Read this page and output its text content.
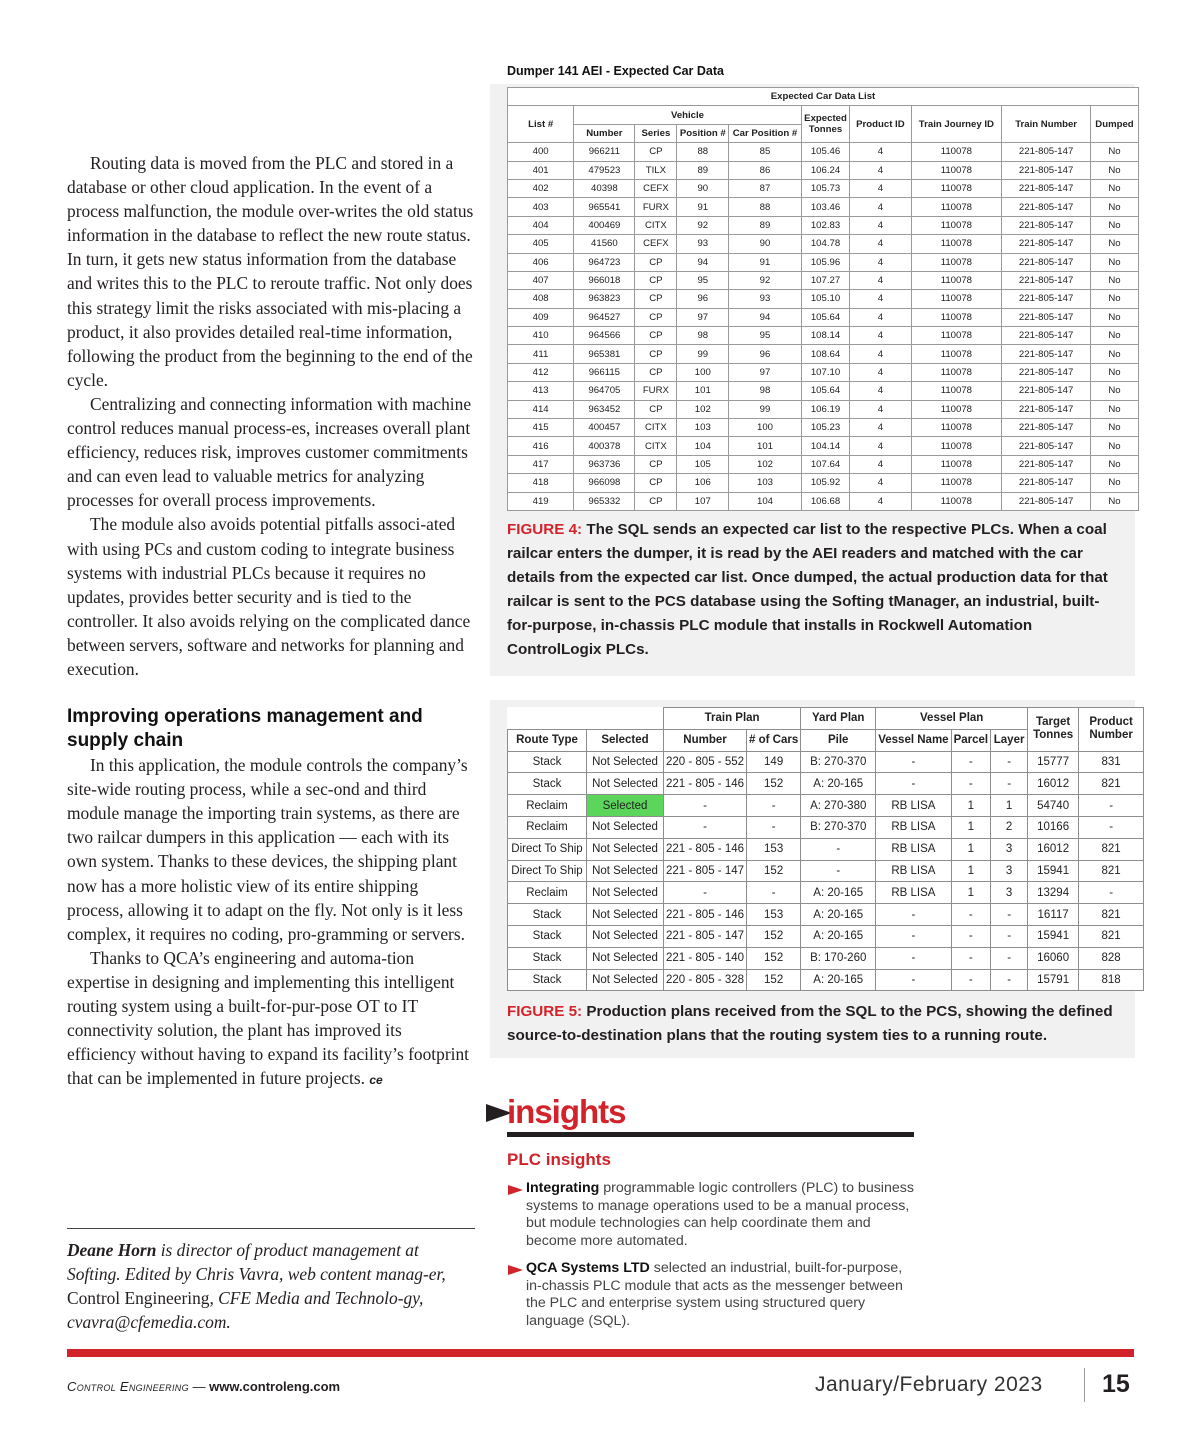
Routing data is moved from the PLC and stored in a database or other cloud application. In the event of a process malfunction, the module over-writes the old status information in the database to reflect the new route status. In turn, it gets new status information from the database and writes this to the PLC to reroute traffic. Not only does this strategy limit the risks associated with mis-placing a product, it also provides detailed real-time information, following the product from the beginning to the end of the cycle.

Centralizing and connecting information with machine control reduces manual process-es, increases overall plant efficiency, reduces risk, improves customer commitments and can even lead to valuable metrics for analyzing processes for overall process improvements.

The module also avoids potential pitfalls associ-ated with using PCs and custom coding to integrate business systems with industrial PLCs because it requires no updates, provides better security and is tied to the controller. It also avoids relying on the complicated dance between servers, software and networks for planning and execution.

Improving operations management and supply chain

In this application, the module controls the company’s site-wide routing process, while a sec-ond and third module manage the importing train systems, as there are two railcar dumpers in this application — each with its own system. Thanks to these devices, the shipping plant now has a more holistic view of its entire shipping process, allowing it to adapt on the fly. Not only is it less complex, it requires no coding, pro-gramming or servers.

Thanks to QCA’s engineering and automa-tion expertise in designing and implementing this intelligent routing system using a built-for-pur-pose OT to IT connectivity solution, the plant has improved its efficiency without having to expand its facility’s footprint that can be implemented in future projects. ce

Deane Horn is director of product management at Softing. Edited by Chris Vavra, web content manag-er, Control Engineering, CFE Media and Technolo-gy, cvavra@cfemedia.com.
Dumper 141 AEI - Expected Car Data
Expected Car Data List									
List #	Vehicle				Expected Tonnes	Product ID	Train Journey ID	Train Number	Dumped
	Number	Series	Position #	Car Position #					
400	966211	CP	88	85	105.46	4	110078	221-805-147	No
401	479523	TILX	89	86	106.24	4	110078	221-805-147	No
402	40398	CEFX	90	87	105.73	4	110078	221-805-147	No
403	965541	FURX	91	88	103.46	4	110078	221-805-147	No
404	400469	CITX	92	89	102.83	4	110078	221-805-147	No
405	41560	CEFX	93	90	104.78	4	110078	221-805-147	No
406	964723	CP	94	91	105.96	4	110078	221-805-147	No
407	966018	CP	95	92	107.27	4	110078	221-805-147	No
408	963823	CP	96	93	105.10	4	110078	221-805-147	No
409	964527	CP	97	94	105.64	4	110078	221-805-147	No
410	964566	CP	98	95	108.14	4	110078	221-805-147	No
411	965381	CP	99	96	108.64	4	110078	221-805-147	No
412	966115	CP	100	97	107.10	4	110078	221-805-147	No
413	964705	FURX	101	98	105.64	4	110078	221-805-147	No
414	963452	CP	102	99	106.19	4	110078	221-805-147	No
415	400457	CITX	103	100	105.23	4	110078	221-805-147	No
416	400378	CITX	104	101	104.14	4	110078	221-805-147	No
417	963736	CP	105	102	107.64	4	110078	221-805-147	No
418	966098	CP	106	103	105.92	4	110078	221-805-147	No
419	965332	CP	107	104	106.68	4	110078	221-805-147	No
FIGURE 4: The SQL sends an expected car list to the respective PLCs. When a coal railcar enters the dumper, it is read by the AEI readers and matched with the car details from the expected car list. Once dumped, the actual production data for that railcar is sent to the PCS database using the Softing tManager, an industrial, built-for-purpose, in-chassis PLC module that installs in Rockwell Automation ControlLogix PLCs.
		Train Plan		Yard Plan	Vessel Plan			Target Tonnes	Product Number
Route Type	Selected	Number	# of Cars	Pile	Vessel Name	Parcel	Layer		
Stack	Not Selected	220 - 805 - 552	149	B: 270-370	-	-	-	15777	831
Stack	Not Selected	221 - 805 - 146	152	A: 20-165	-	-	-	16012	821
Reclaim	Selected	-	-	A: 270-380	RB LISA	1	1	54740	-
Reclaim	Not Selected	-	-	B: 270-370	RB LISA	1	2	10166	-
Direct To Ship	Not Selected	221 - 805 - 146	153	-	RB LISA	1	3	16012	821
Direct To Ship	Not Selected	221 - 805 - 147	152	-	RB LISA	1	3	15941	821
Reclaim	Not Selected	-	-	A: 20-165	RB LISA	1	3	13294	-
Stack	Not Selected	221 - 805 - 146	153	A: 20-165	-	-	-	16117	821
Stack	Not Selected	221 - 805 - 147	152	A: 20-165	-	-	-	15941	821
Stack	Not Selected	221 - 805 - 140	152	B: 170-260	-	-	-	16060	828
Stack	Not Selected	220 - 805 - 328	152	A: 20-165	-	-	-	15791	818
FIGURE 5: Production plans received from the SQL to the PCS, showing the defined source-to-destination plans that the routing system ties to a running route.
insights
PLC insights
Integrating programmable logic controllers (PLC) to business systems to manage operations used to be a manual process, but module technologies can help coordinate them and become more automated.
QCA Systems LTD selected an industrial, built-for-purpose, in-chassis PLC module that acts as the messenger between the PLC and enterprise system using structured query language (SQL).
Control Engineering — www.controleng.com	January/February 2023 15
